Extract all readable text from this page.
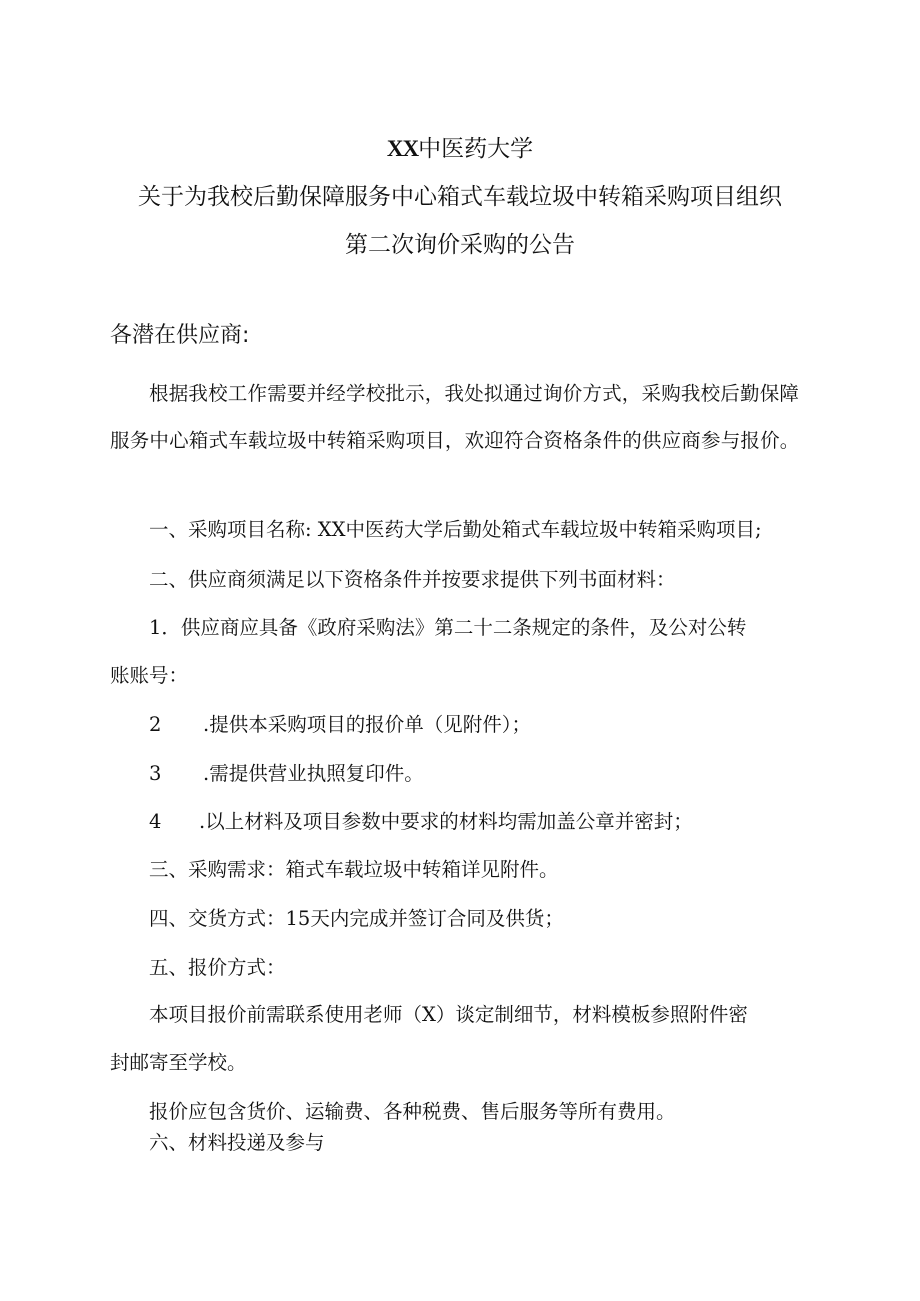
XX中医药大学
关于为我校后勤保障服务中心箱式车载垃圾中转箱采购项目组织
第二次询价采购的公告
各潜在供应商:
根据我校工作需要并经学校批示，我处拟通过询价方式，采购我校后勤保障服务中心箱式车载垃圾中转箱采购项目，欢迎符合资格条件的供应商参与报价。
一、采购项目名称: XX中医药大学后勤处箱式车载垃圾中转箱采购项目;
二、供应商须满足以下资格条件并按要求提供下列书面材料：
1．供应商应具备《政府采购法》第二十二条规定的条件，及公对公转
账账号：
2 .提供本采购项目的报价单（见附件）；
3 .需提供营业执照复印件。
4 .以上材料及项目参数中要求的材料均需加盖公章并密封；
三、采购需求：箱式车载垃圾中转箱详见附件。
四、交货方式：15天内完成并签订合同及供货；
五、报价方式：
本项目报价前需联系使用老师（X）谈定制细节，材料模板参照附件密
封邮寄至学校。
报价应包含货价、运输费、各种税费、售后服务等所有费用。
六、材料投递及参与
